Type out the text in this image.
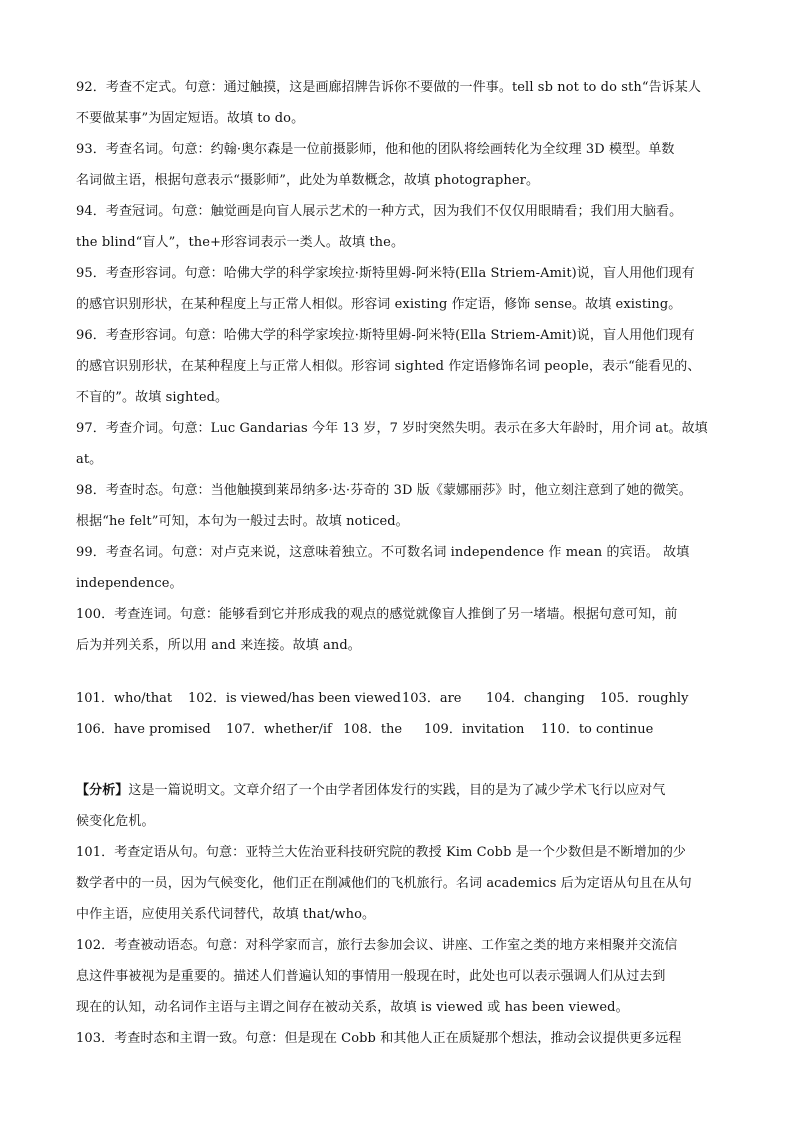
92．考查不定式。句意：通过触摸，这是画廊招牌告诉你不要做的一件事。tell sb not to do sth“告诉某人
不要做某事”为固定短语。故填 to do。
93．考查名词。句意：约翰·奥尔森是一位前摄影师，他和他的团队将绘画转化为全纹理 3D 模型。单数
名词做主语，根据句意表示“摄影师”，此处为单数概念，故填 photographer。
94．考查冠词。句意：触觉画是向盲人展示艺术的一种方式，因为我们不仅仅用眼睛看；我们用大脑看。
the blind“盲人”，the+形容词表示一类人。故填 the。
95．考查形容词。句意：哈佛大学的科学家埃拉·斯特里姆-阿米特(Ella Striem-Amit)说，盲人用他们现有
的感官识别形状，在某种程度上与正常人相似。形容词 existing 作定语，修饰 sense。故填 existing。
96．考查形容词。句意：哈佛大学的科学家埃拉·斯特里姆-阿米特(Ella Striem-Amit)说，盲人用他们现有
的感官识别形状，在某种程度上与正常人相似。形容词 sighted 作定语修饰名词 people，表示“能看见的、
不盲的”。故填 sighted。
97．考查介词。句意：Luc Gandarias 今年 13 岁，7 岁时突然失明。表示在多大年龄时，用介词 at。故填
at。
98．考查时态。句意：当他触摸到莱昂纳多·达·芬奇的 3D 版《蒙娜丽莎》时，他立刻注意到了她的微笑。
根据“he felt”可知，本句为一般过去时。故填 noticed。
99．考查名词。句意：对卢克来说，这意味着独立。不可数名词 independence 作 mean 的宾语。 故填
independence。
100．考查连词。句意：能够看到它并形成我的观点的感觉就像盲人推倒了另一堵墙。根据句意可知，前
后为并列关系，所以用 and 来连接。故填 and。
101．who/that 102．is viewed/has been viewed 103．are 104．changing 105．roughly
106．have promised 107．whether/if 108．the 109．invitation 110．to continue
【分析】这是一篇说明文。文章介绍了一个由学者团体发行的实践，目的是为了减少学术飞行以应对气
候变化危机。
101．考查定语从句。句意：亚特兰大佐治亚科技研究院的教授 Kim Cobb 是一个少数但是不断增加的少
数学者中的一员，因为气候变化，他们正在削减他们的飞机旅行。名词 academics 后为定语从句且在从句
中作主语，应使用关系代词替代，故填 that/who。
102．考查被动语态。句意：对科学家而言，旅行去参加会议、讲座、工作室之类的地方来相聚并交流信
息这件事被视为是重要的。描述人们普遍认知的事情用一般现在时，此处也可以表示强调人们从过去到
现在的认知，动名词作主语与主谓之间存在被动关系，故填 is viewed 或 has been viewed。
103．考查时态和主谓一致。句意：但是现在 Cobb 和其他人正在质疑那个想法，推动会议提供更多远程
